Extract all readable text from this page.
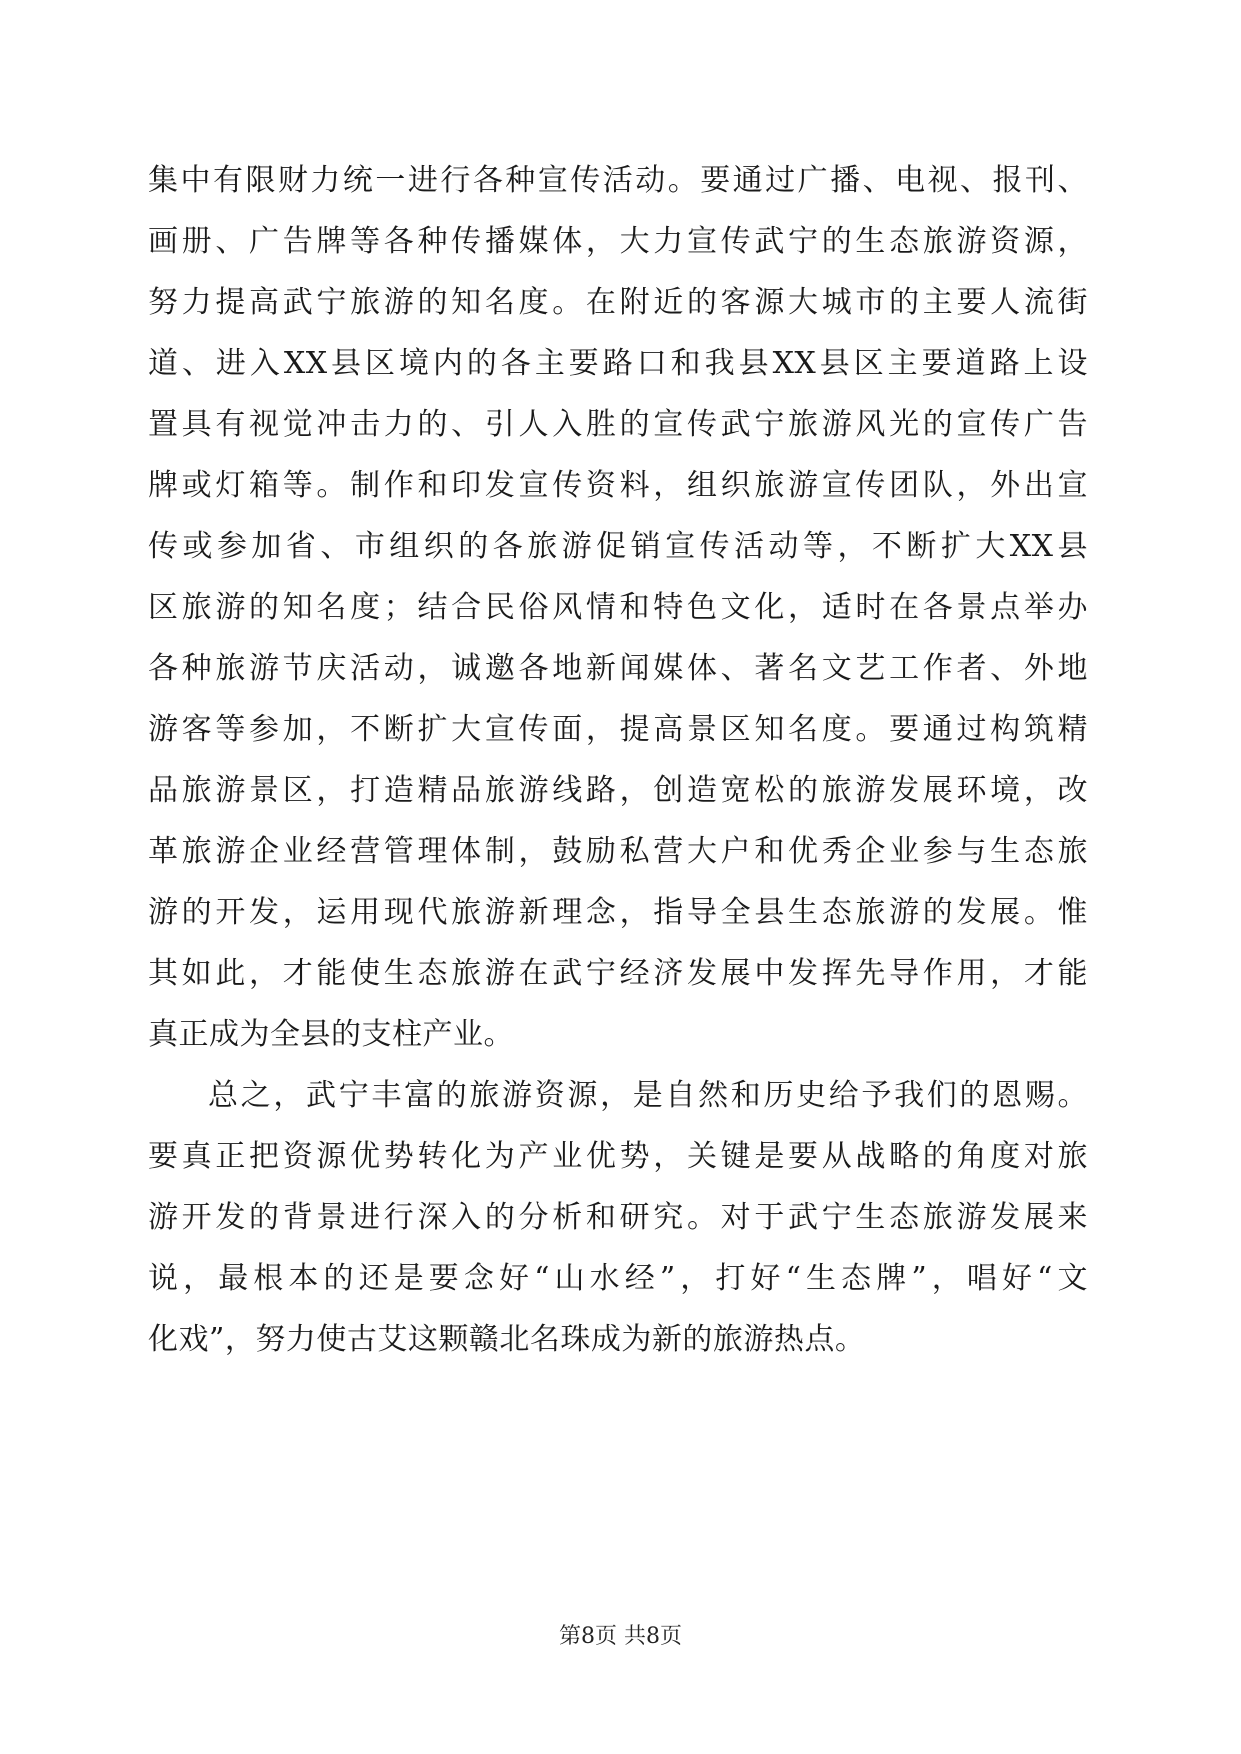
集中有限财力统一进行各种宣传活动。要通过广播、电视、报刊、
画册、广告牌等各种传播媒体，大力宣传武宁的生态旅游资源，
努力提高武宁旅游的知名度。在附近的客源大城市的主要人流街
道、进入XX县区境内的各主要路口和我县XX县区主要道路上设
置具有视觉冲击力的、引人入胜的宣传武宁旅游风光的宣传广告
牌或灯箱等。制作和印发宣传资料，组织旅游宣传团队，外出宣
传或参加省、市组织的各旅游促销宣传活动等，不断扩大XX县
区旅游的知名度；结合民俗风情和特色文化，适时在各景点举办
各种旅游节庆活动，诚邀各地新闻媒体、著名文艺工作者、外地
游客等参加，不断扩大宣传面，提高景区知名度。要通过构筑精
品旅游景区，打造精品旅游线路，创造宽松的旅游发展环境，改
革旅游企业经营管理体制，鼓励私营大户和优秀企业参与生态旅
游的开发，运用现代旅游新理念，指导全县生态旅游的发展。惟
其如此，才能使生态旅游在武宁经济发展中发挥先导作用，才能
真正成为全县的支柱产业。
总之，武宁丰富的旅游资源，是自然和历史给予我们的恩赐。
要真正把资源优势转化为产业优势，关键是要从战略的角度对旅
游开发的背景进行深入的分析和研究。对于武宁生态旅游发展来
说，最根本的还是要念好“山水经”，打好“生态牌”，唱好“文
化戏”，努力使古艾这颗赣北名珠成为新的旅游热点。
第8页 共8页
